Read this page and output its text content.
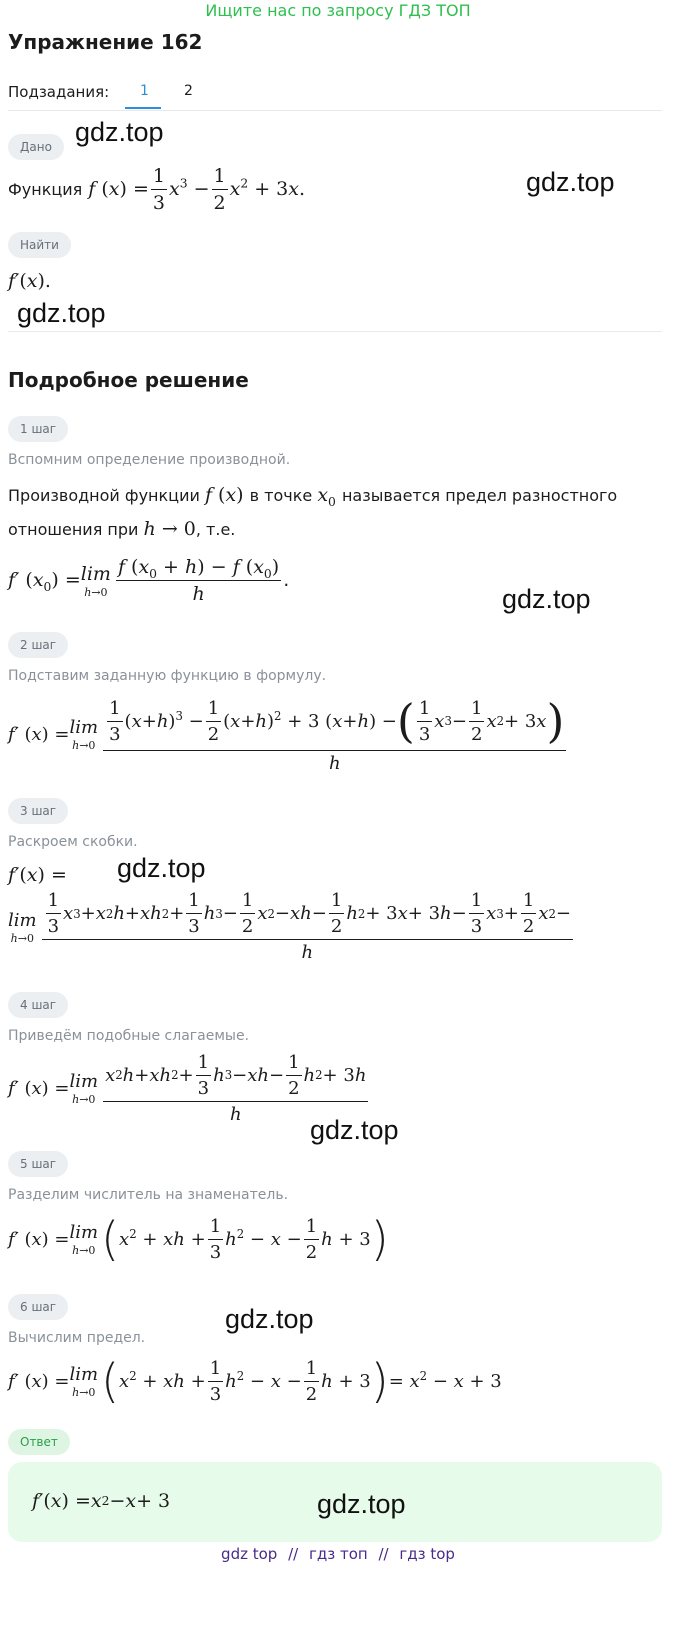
Ищите нас по запросу ГДЗ ТОП
Упражнение 162
Подзадания: 1	2
Дано gdz.top
gdz.top
Функция f $(x) = \frac{1}{3} x^3 - \frac{1}{2} x^2 + 3x$.
Найти
f′ ( x ).
gdz.top
Подробное решение
1 шаг
Вспомним определение производной.
Производной функции f (x) в точке $x_0$ называется предел разностного
отношения при h → 0, т.е.
f′ $(x_0) = \lim$
$h\to 0 \frac{f (x_0 + h) - f (x_0)}{h}$ .
gdz.top
2 шаг
Подставим заданную функцию в формулу.
f′ (x) = lim
h→0
$\frac{1}{3}$ ( x + h )$^3 - \frac{1}{2}$ ( x + h )$^2$ + 3 ( x + h ) − ( $\frac{1}{3}$ x $3 - \frac{1}{2}$ x 2 + 3 x )
h
3 шаг
Раскроем скобки.
f′ ( x ) = gdz.top
lim
h→0
$\frac{1}{3}$ x 3 + x 2 h + xh $2 + \frac{1}{3}$ h $3 - \frac{1}{2}$ x 2 − xh − $\frac{1}{2}$ h 2 + 3 x + 3 $h - \frac{1}{3}$ x $3 + \frac{1}{2}$ x 2 −
h
4 шаг
Приведём подобные слагаемые.
f′ (x) = lim
$h\to 0 \frac{x 2 h + xh 2 + \frac{1}{3} h 3 - xh - \frac{1}{2} h 2 + 3 h}{h}$
gdz.top
5 шаг
Разделим числитель на знаменатель.
f′ (x) = lim
h→0 ( $x^2$ + xh + $\frac{1}{3} h^2 - x - \frac{1}{2}$ h + 3 )
6 шаг	gdz.top
Вычислим предел.
f′ (x) = lim
h→0 ( $x^2$ + xh + $\frac{1}{3} h^2 - x - \frac{1}{2}$ h + 3 ) = $x^2 - x + 3$
Ответ
f′ ( x ) = x 2 − x + 3	gdz.top
gdz top // гдз топ // гдз top
